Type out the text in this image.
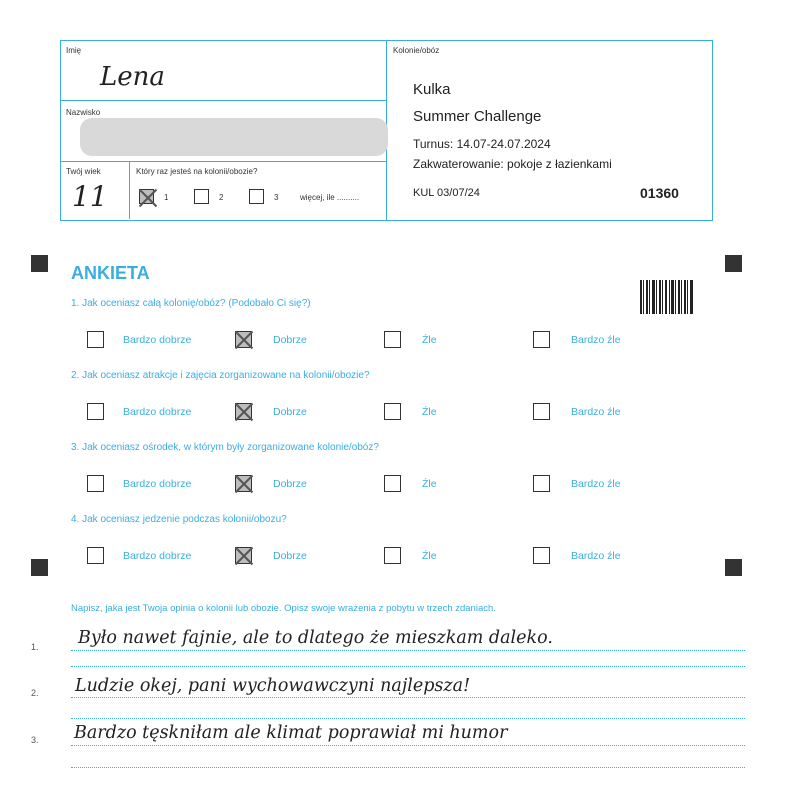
Imię
Lena
Nazwisko
Twój wiek
11
Który raz jesteś na kolonii/obozie?
1	2	3	więcej, ile ..........
Kolonie/obóz
Kulka
Summer Challenge
Turnus: 14.07-24.07.2024
Zakwaterowanie: pokoje z łazienkami
KUL 03/07/24	01360
ANKIETA
1. Jak oceniasz całą kolonię/obóz? (Podobało Ci się?)
Bardzo dobrze	Dobrze	Źle	Bardzo źle
2. Jak oceniasz atrakcje i zajęcia zorganizowane na kolonii/obozie?
Bardzo dobrze	Dobrze	Źle	Bardzo źle
3. Jak oceniasz ośrodek, w którym były zorganizowane kolonie/obóz?
Bardzo dobrze	Dobrze	Źle	Bardzo źle
4. Jak oceniasz jedzenie podczas kolonii/obozu?
Bardzo dobrze	Dobrze	Źle	Bardzo źle
Napisz, jaka jest Twoja opinia o kolonii lub obozie. Opisz swoje wrażenia z pobytu w trzech zdaniach.
1. Było nawet fajnie, ale to dlatego że mieszkam daleko.
2. Ludzie okej, pani wychowawczyni najlepsza!
3. Bardzo tęskniłam ale klimat poprawiał mi humor
